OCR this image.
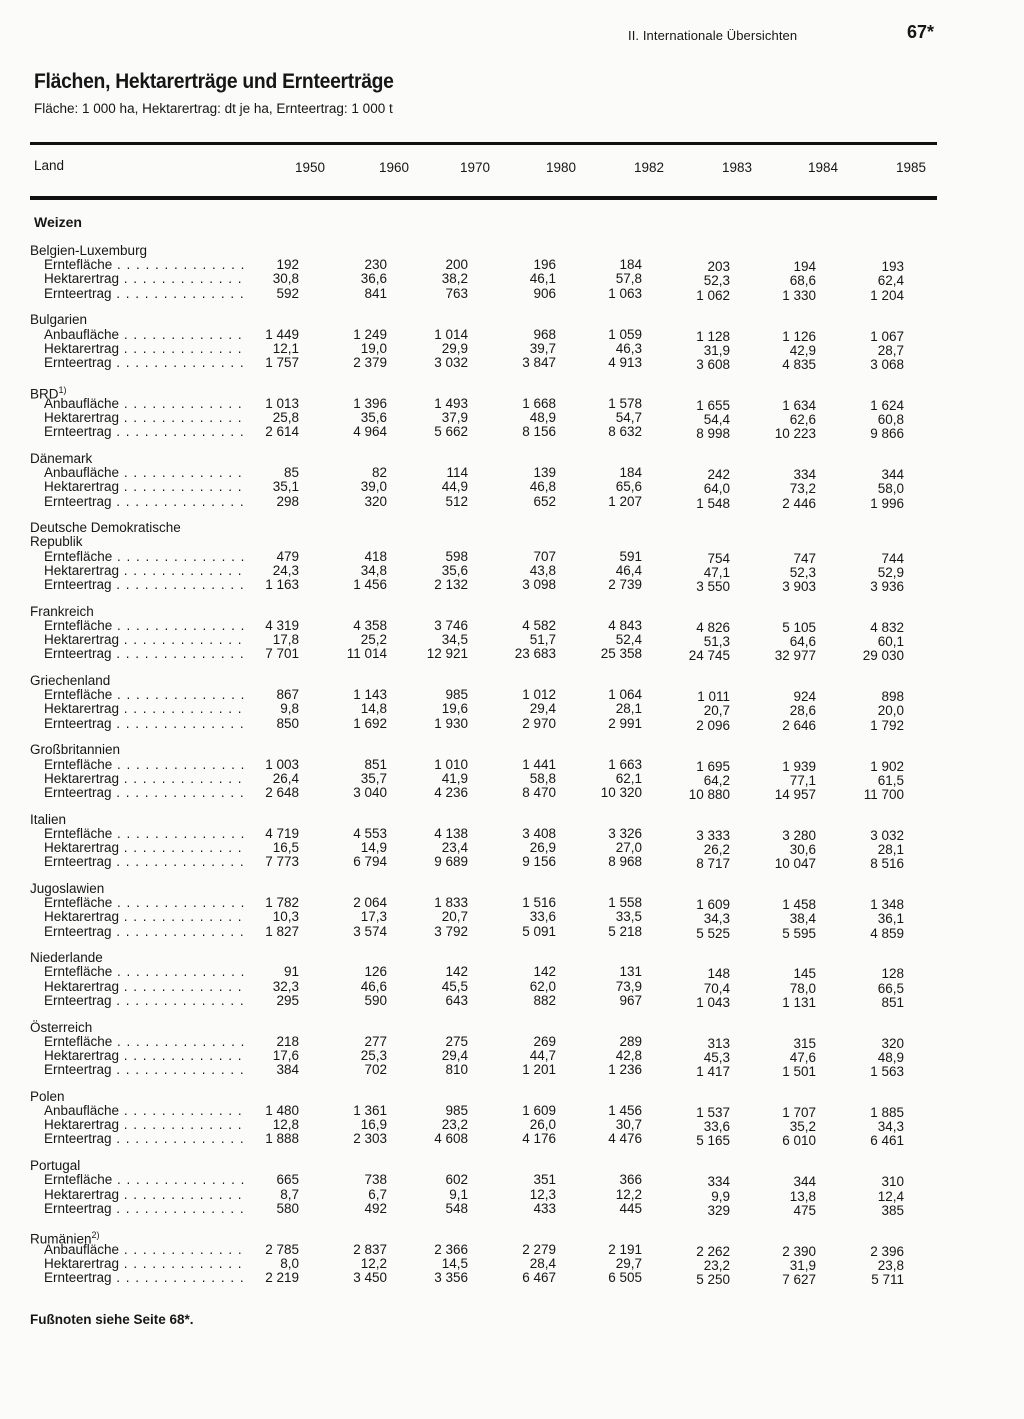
II. Internationale Übersichten	67*
Flächen, Hektarerträge und Ernteerträge
Fläche: 1 000 ha, Hektarertrag: dt je ha, Ernteertrag: 1 000 t
Land	1950	1960	1970	1980	1982	1983	1984	1985
Weizen
Belgien-Luxemburg
Erntefläche . . .	192	230	200	196	184	203	194	193
Hektarertrag . . .	30,8	36,6	38,2	46,1	57,8	52,3	68,6	62,4
Ernteertrag . . .	592	841	763	906	1 063	1 062	1 330	1 204
Bulgarien
Anbaufläche . . .	1 449	1 249	1 014	968	1 059	1 128	1 126	1 067
Hektarertrag . . .	12,1	19,0	29,9	39,7	46,3	31,9	42,9	28,7
Ernteertrag . . .	1 757	2 379	3 032	3 847	4 913	3 608	4 835	3 068
BRD$^{1)}$
Anbaufläche . . .	1 013	1 396	1 493	1 668	1 578	1 655	1 634	1 624
Hektarertrag . . .	25,8	35,6	37,9	48,9	54,7	54,4	62,6	60,8
Ernteertrag . . .	2 614	4 964	5 662	8 156	8 632	8 998	10 223	9 866
Dänemark
Anbaufläche . . .	85	82	114	139	184	242	334	344
Hektarertrag . . .	35,1	39,0	44,9	46,8	65,6	64,0	73,2	58,0
Ernteertrag . . .	298	320	512	652	1 207	1 548	2 446	1 996
Deutsche Demokratische
Republik
Erntefläche . . .	479	418	598	707	591	754	747	744
Hektarertrag . . .	24,3	34,8	35,6	43,8	46,4	47,1	52,3	52,9
Ernteertrag . . .	1 163	1 456	2 132	3 098	2 739	3 550	3 903	3 936
Frankreich
Erntefläche . . .	4 319	4 358	3 746	4 582	4 843	4 826	5 105	4 832
Hektarertrag . . .	17,8	25,2	34,5	51,7	52,4	51,3	64,6	60,1
Ernteertrag . . .	7 701	11 014	12 921	23 683	25 358	24 745	32 977	29 030
Griechenland
Erntefläche . . .	867	1 143	985	1 012	1 064	1 011	924	898
Hektarertrag . . .	9,8	14,8	19,6	29,4	28,1	20,7	28,6	20,0
Ernteertrag . . .	850	1 692	1 930	2 970	2 991	2 096	2 646	1 792
Großbritannien
Erntefläche . . .	1 003	851	1 010	1 441	1 663	1 695	1 939	1 902
Hektarertrag . . .	26,4	35,7	41,9	58,8	62,1	64,2	77,1	61,5
Ernteertrag . . .	2 648	3 040	4 236	8 470	10 320	10 880	14 957	11 700
Italien
Erntefläche . . .	4 719	4 553	4 138	3 408	3 326	3 333	3 280	3 032
Hektarertrag . . .	16,5	14,9	23,4	26,9	27,0	26,2	30,6	28,1
Ernteertrag . . .	7 773	6 794	9 689	9 156	8 968	8 717	10 047	8 516
Jugoslawien
Erntefläche . . .	1 782	2 064	1 833	1 516	1 558	1 609	1 458	1 348
Hektarertrag . . .	10,3	17,3	20,7	33,6	33,5	34,3	38,4	36,1
Ernteertrag . . .	1 827	3 574	3 792	5 091	5 218	5 525	5 595	4 859
Niederlande
Erntefläche . . .	91	126	142	142	131	148	145	128
Hektarertrag . . .	32,3	46,6	45,5	62,0	73,9	70,4	78,0	66,5
Ernteertrag . . .	295	590	643	882	967	1 043	1 131	851
Österreich
Erntefläche . . .	218	277	275	269	289	313	315	320
Hektarertrag . . .	17,6	25,3	29,4	44,7	42,8	45,3	47,6	48,9
Ernteertrag . . .	384	702	810	1 201	1 236	1 417	1 501	1 563
Polen
Anbaufläche . . .	1 480	1 361	985	1 609	1 456	1 537	1 707	1 885
Hektarertrag . . .	12,8	16,9	23,2	26,0	30,7	33,6	35,2	34,3
Ernteertrag . . .	1 888	2 303	4 608	4 176	4 476	5 165	6 010	6 461
Portugal
Erntefläche . . .	665	738	602	351	366	334	344	310
Hektarertrag . . .	8,7	6,7	9,1	12,3	12,2	9,9	13,8	12,4
Ernteertrag . . .	580	492	548	433	445	329	475	385
Rumänien$^{2)}$
Anbaufläche . . .	2 785	2 837	2 366	2 279	2 191	2 262	2 390	2 396
Hektarertrag . . .	8,0	12,2	14,5	28,4	29,7	23,2	31,9	23,8
Ernteertrag . . .	2 219	3 450	3 356	6 467	6 505	5 250	7 627	5 711
Fußnoten siehe Seite 68*.
